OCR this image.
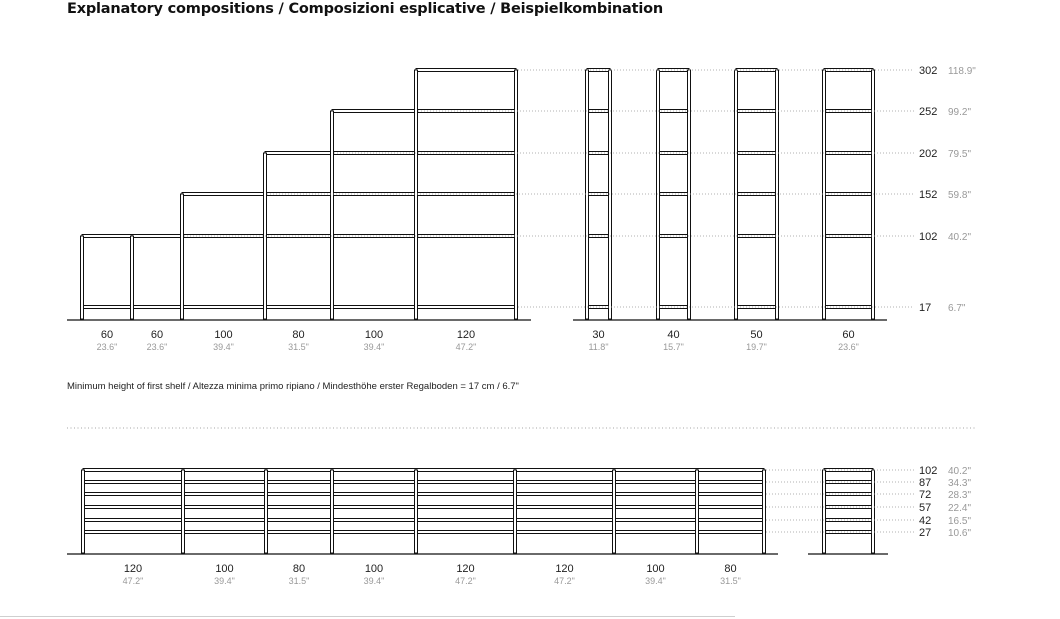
Explanatory compositions / Composizioni esplicative / Beispielkombination
Minimum height of first shelf / Altezza minima primo ripiano / Mindesthöhe erster Regalboden = 17 cm / 6.7"
60
23.6"
60
23.6"
100
39.4"
80
31.5"
100
39.4"
120
47.2"
30
11.8"
40
15.7"
50
19.7"
60
23.6"
302 118.9"
252 99.2"
202 79.5"
152 59.8"
102 40.2"
17 6.7"
120
47.2"
100
39.4"
80
31.5"
100
39.4"
120
47.2"
120
47.2"
100
39.4"
80
31.5"
102 40.2"
87 34.3"
72 28.3"
57 22.4"
42 16.5"
27 10.6"
